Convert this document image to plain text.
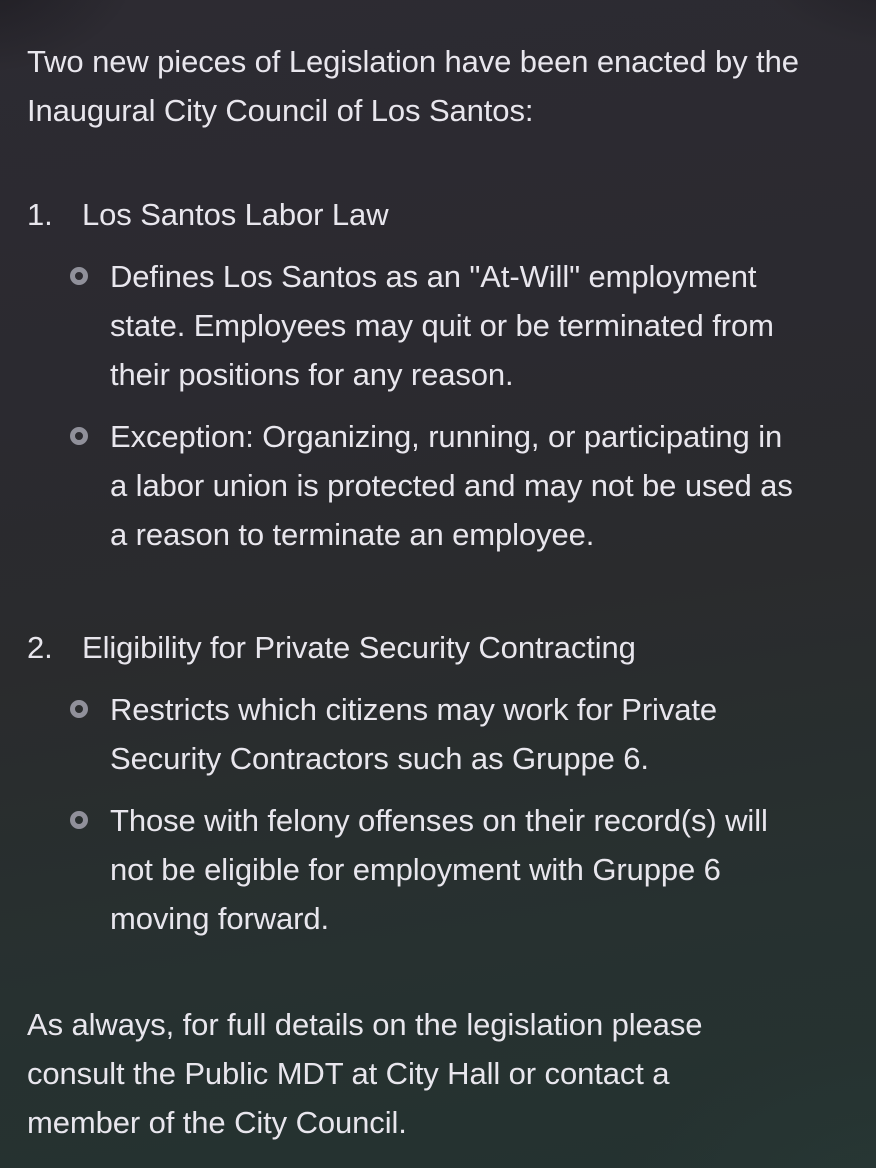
Two new pieces of Legislation have been enacted by the
Inaugural City Council of Los Santos:
1. Los Santos Labor Law
Defines Los Santos as an "At-Will" employment
state. Employees may quit or be terminated from
their positions for any reason.
Exception: Organizing, running, or participating in
a labor union is protected and may not be used as
a reason to terminate an employee.
2. Eligibility for Private Security Contracting
Restricts which citizens may work for Private
Security Contractors such as Gruppe 6.
Those with felony offenses on their record(s) will
not be eligible for employment with Gruppe 6
moving forward.
As always, for full details on the legislation please
consult the Public MDT at City Hall or contact a
member of the City Council.
